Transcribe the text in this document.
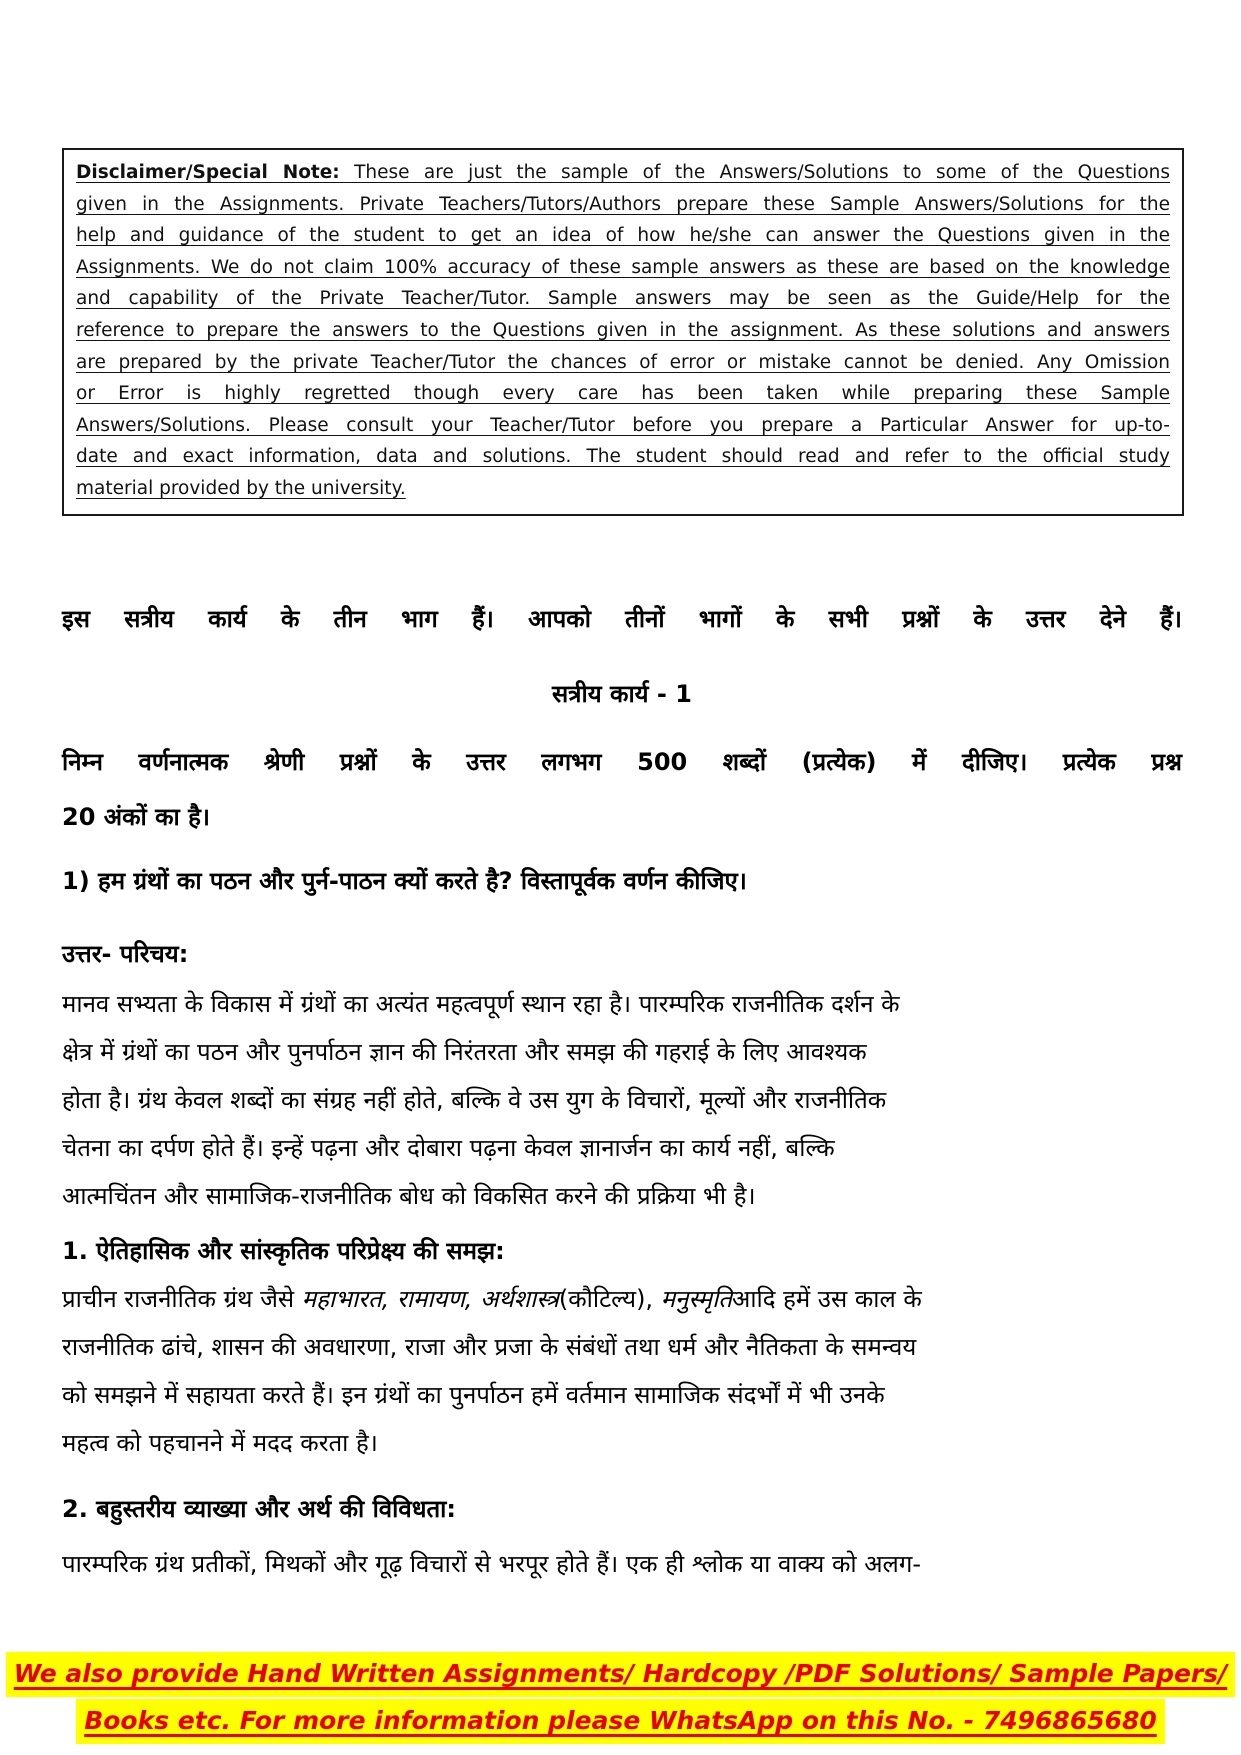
Disclaimer/Special Note: These are just the sample of the Answers/Solutions to some of the Questions
given in the Assignments. Private Teachers/Tutors/Authors prepare these Sample Answers/Solutions for the
help and guidance of the student to get an idea of how he/she can answer the Questions given in the
Assignments. We do not claim 100% accuracy of these sample answers as these are based on the knowledge
and capability of the Private Teacher/Tutor. Sample answers may be seen as the Guide/Help for the
reference to prepare the answers to the Questions given in the assignment. As these solutions and answers
are prepared by the private Teacher/Tutor the chances of error or mistake cannot be denied. Any Omission
or Error is highly regretted though every care has been taken while preparing these Sample
Answers/Solutions. Please consult your Teacher/Tutor before you prepare a Particular Answer for up-to-
date and exact information, data and solutions. The student should read and refer to the official study
material provided by the university.
इस सत्रीय कार्य के तीन भाग हैं। आपको तीनों भागों के सभी प्रश्नों के उत्तर देने हैं।
सत्रीय कार्य - 1
निम्न वर्णनात्मक श्रेणी प्रश्नों के उत्तर लगभग 500 शब्दों (प्रत्येक) में दीजिए। प्रत्येक प्रश्न
20 अंकों का है।
1) हम ग्रंथों का पठन और पुर्न-पाठन क्यों करते है? विस्तापूर्वक वर्णन कीजिए।
उत्तर- परिचय:
मानव सभ्यता के विकास में ग्रंथों का अत्यंत महत्वपूर्ण स्थान रहा है। पारम्परिक राजनीतिक दर्शन के
क्षेत्र में ग्रंथों का पठन और पुनर्पाठन ज्ञान की निरंतरता और समझ की गहराई के लिए आवश्यक
होता है। ग्रंथ केवल शब्दों का संग्रह नहीं होते, बल्कि वे उस युग के विचारों, मूल्यों और राजनीतिक
चेतना का दर्पण होते हैं। इन्हें पढ़ना और दोबारा पढ़ना केवल ज्ञानार्जन का कार्य नहीं, बल्कि
आत्मचिंतन और सामाजिक-राजनीतिक बोध को विकसित करने की प्रक्रिया भी है।
1. ऐतिहासिक और सांस्कृतिक परिप्रेक्ष्य की समझ:
प्राचीन राजनीतिक ग्रंथ जैसे महाभारत, रामायण, अर्थशास्त्र(कौटिल्य), मनुस्मृतिआदि हमें उस काल के
राजनीतिक ढांचे, शासन की अवधारणा, राजा और प्रजा के संबंधों तथा धर्म और नैतिकता के समन्वय
को समझने में सहायता करते हैं। इन ग्रंथों का पुनर्पाठन हमें वर्तमान सामाजिक संदर्भों में भी उनके
महत्व को पहचानने में मदद करता है।
2. बहुस्तरीय व्याख्या और अर्थ की विविधता:
पारम्परिक ग्रंथ प्रतीकों, मिथकों और गूढ़ विचारों से भरपूर होते हैं। एक ही श्लोक या वाक्य को अलग-
We also provide Hand Written Assignments/ Hardcopy /PDF Solutions/ Sample Papers/
Books etc. For more information please WhatsApp on this No. - 7496865680
